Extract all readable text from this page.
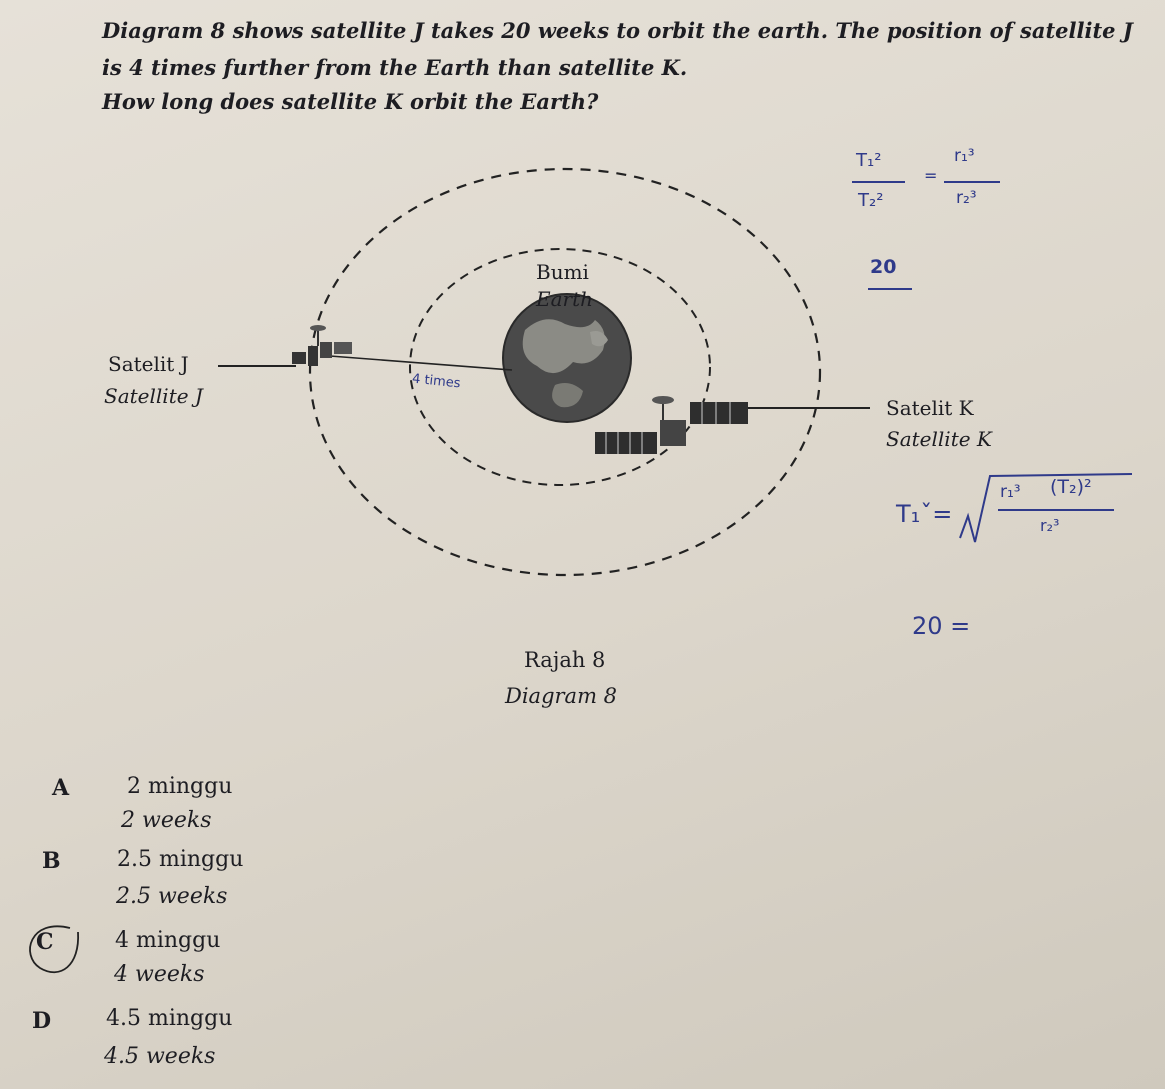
Diagram 8 shows satellite J takes 20 weeks to orbit the earth. The position of satellite J
is 4 times further from the Earth than satellite K.
How long does satellite K orbit the Earth?
Bumi
Earth
Satelit J
Satellite J	Satelit K
Satellite K
Rajah 8
Diagram 8
4 times
T₁²
T₂²
=
r₁³
r₂³
20
T₁ˇ=
r₁³ (T₂)²
r₂³
20 =
A	2 minggu
2 weeks
B	2.5 minggu
2.5 weeks
C	4 minggu
4 weeks
D 4.5 minggu
4.5 weeks
